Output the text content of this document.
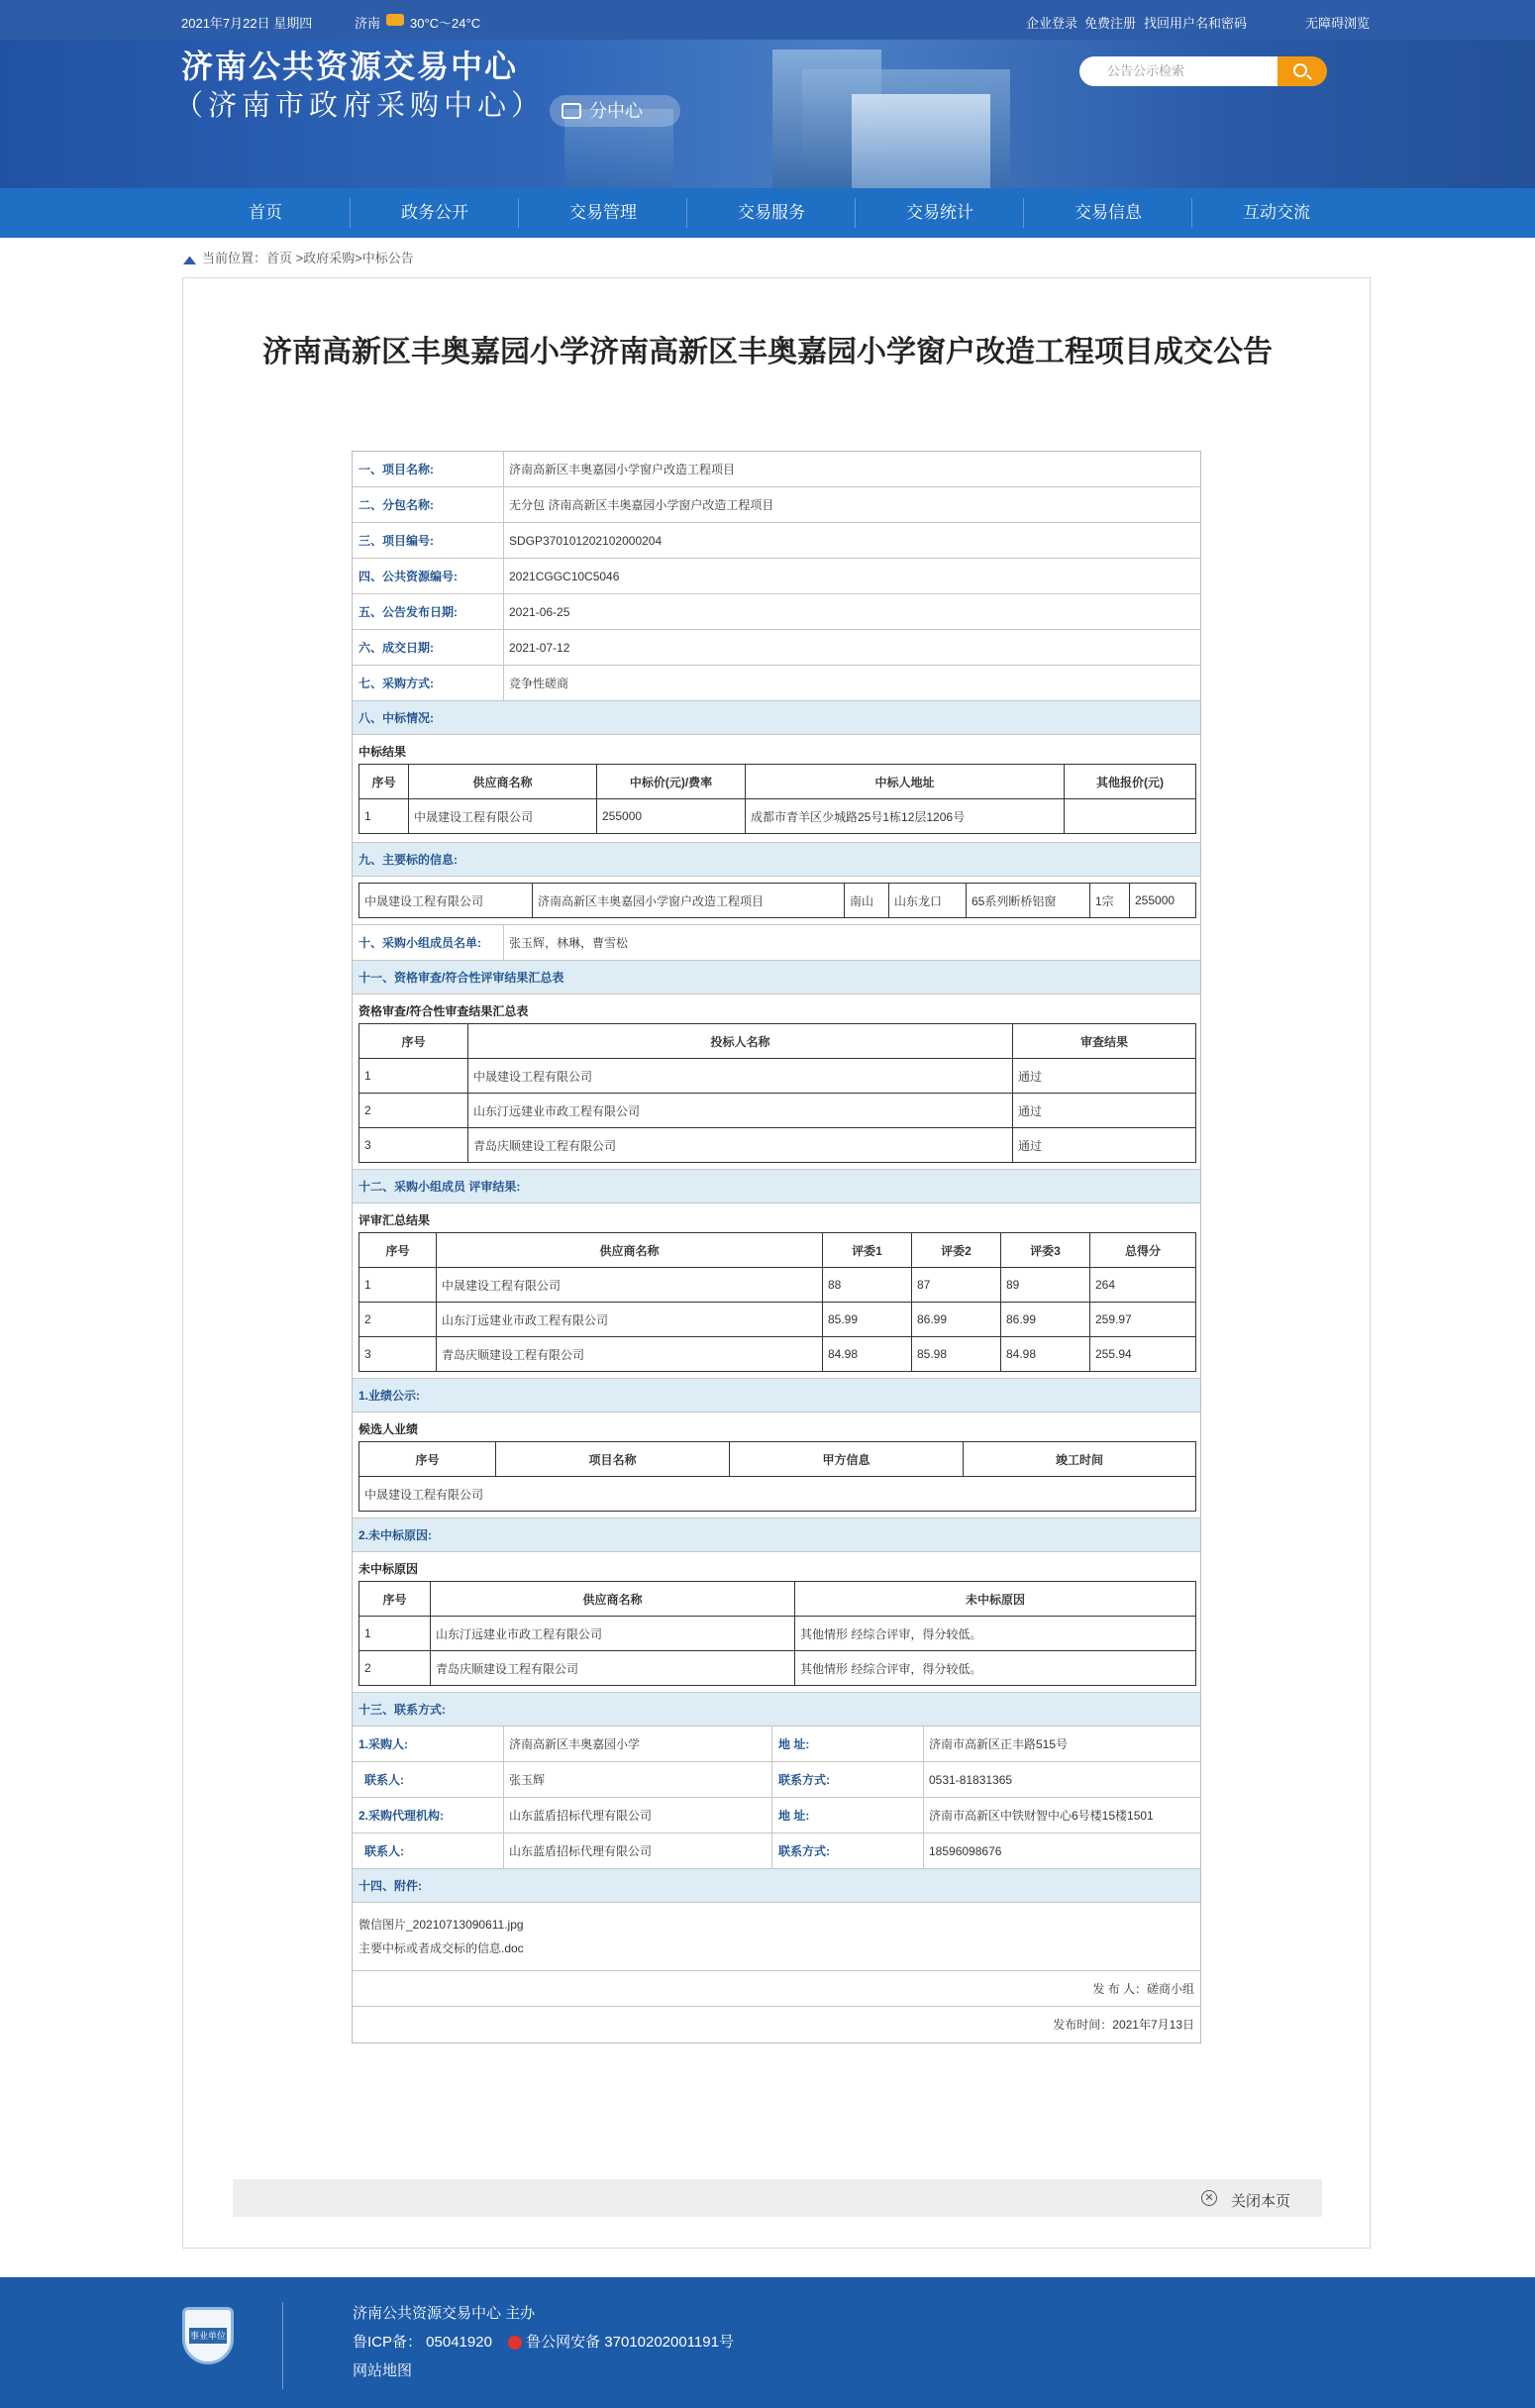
2021年7月22日 星期四	济南 30°C～24°C	企业登录 免费注册 找回用户名和密码	无障碍浏览
济南公共资源交易中心
（济南市政府采购中心）	分中心
公告公示检索
首页	政务公开	交易管理	交易服务	交易统计	交易信息	互动交流
当前位置：首页 >政府采购>中标公告
济南高新区丰奥嘉园小学济南高新区丰奥嘉园小学窗户改造工程项目成交公告
一、项目名称:	济南高新区丰奥嘉园小学窗户改造工程项目
二、分包名称:	无分包 济南高新区丰奥嘉园小学窗户改造工程项目
三、项目编号:	SDGP370101202102000204
四、公共资源编号:	2021CGGC10C5046
五、公告发布日期:	2021-06-25
六、成交日期:	2021-07-12
七、采购方式:	竞争性磋商
八、中标情况:
中标结果
序号	供应商名称	中标价(元)/费率	中标人地址	其他报价(元)
1	中晟建设工程有限公司	255000	成都市青羊区少城路25号1栋12层1206号	
九、主要标的信息:
中晟建设工程有限公司	济南高新区丰奥嘉园小学窗户改造工程项目	南山	山东龙口	65系列断桥铝窗	1宗	255000
十、采购小组成员名单:	张玉辉，林琳，曹雪松
十一、资格审查/符合性评审结果汇总表
资格审查/符合性审查结果汇总表
序号	投标人名称	审查结果
1	中晟建设工程有限公司	通过
2	山东汀远建业市政工程有限公司	通过
3	青岛庆顺建设工程有限公司	通过
十二、采购小组成员 评审结果:
评审汇总结果
序号	供应商名称	评委1	评委2	评委3	总得分
1	中晟建设工程有限公司	88	87	89	264
2	山东汀远建业市政工程有限公司	85.99	86.99	86.99	259.97
3	青岛庆顺建设工程有限公司	84.98	85.98	84.98	255.94
1.业绩公示:
候选人业绩
序号	项目名称	甲方信息	竣工时间
中晟建设工程有限公司
2.未中标原因:
未中标原因
序号	供应商名称	未中标原因
1	山东汀远建业市政工程有限公司	其他情形 经综合评审，得分较低。
2	青岛庆顺建设工程有限公司	其他情形 经综合评审，得分较低。
十三、联系方式:
1.采购人:	济南高新区丰奥嘉园小学	地 址:	济南市高新区正丰路515号
联系人:	张玉辉	联系方式:	0531-81831365
2.采购代理机构:	山东蓝盾招标代理有限公司	地 址:	济南市高新区中铁财智中心6号楼15楼1501
联系人:	山东蓝盾招标代理有限公司	联系方式:	18596098676
十四、附件:
微信图片_20210713090611.jpg
主要中标或者成交标的信息.doc
发 布 人：磋商小组
发布时间：2021年7月13日
✕ 关闭本页
事业单位
济南公共资源交易中心 主办
鲁ICP备： 05041920 鲁公网安备 37010202001191号
网站地图
